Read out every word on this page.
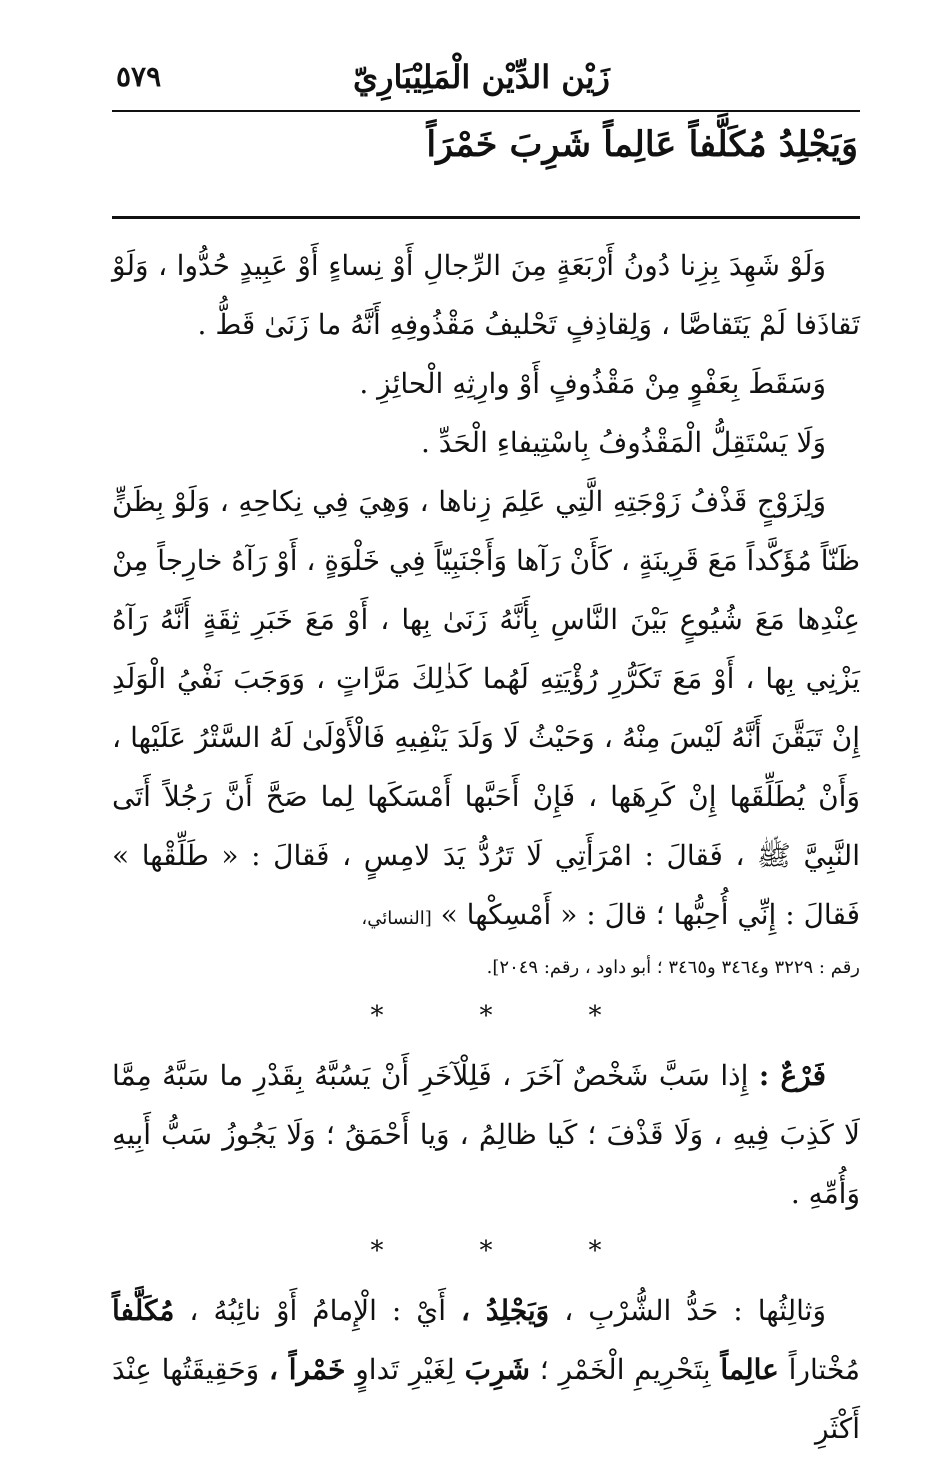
زَيْن الدِّيْن الْمَلِيْبَارِيّ
٥٧٩
وَيَجْلِدُ مُكَلَّفاً عَالِماً شَرِبَ خَمْرَاً

وَلَوْ شَهِدَ بِزِنا دُونُ أَرْبَعَةٍ مِنَ الرِّجالِ أَوْ نِساءٍ أَوْ عَبِيدٍ حُدُّوا ، وَلَوْ تَقاذَفا لَمْ يَتَقاصَّا ، وَلِقاذِفٍ تَحْليفُ مَقْذُوفِهِ أَنَّهُ ما زَنَىٰ قَطُّ .

وَسَقَطَ بِعَفْوٍ مِنْ مَقْذُوفٍ أَوْ وارِثِهِ الْحائِزِ .

وَلَا يَسْتَقِلُّ الْمَقْذُوفُ بِاسْتِيفاءِ الْحَدِّ .

وَلِزَوْجٍ قَذْفُ زَوْجَتِهِ الَّتِي عَلِمَ زِناها ، وَهِيَ فِي نِكاحِهِ ، وَلَوْ بِظَنٍّ ظَنّاً مُؤَكَّداً مَعَ قَرِينَةٍ ، كَأَنْ رَآها وَأَجْنَبِيّاً فِي خَلْوَةٍ ، أَوْ رَآهُ خارِجاً مِنْ عِنْدِها مَعَ شُيُوعٍ بَيْنَ النَّاسِ بِأَنَّهُ زَنَىٰ بِها ، أَوْ مَعَ خَبَرِ ثِقَةٍ أَنَّهُ رَآهُ يَزْنِي بِها ، أَوْ مَعَ تَكَرُّرِ رُؤْيَتِهِ لَهُما كَذٰلِكَ مَرَّاتٍ ، وَوَجَبَ نَفْيُ الْوَلَدِ إِنْ تَيَقَّنَ أَنَّهُ لَيْسَ مِنْهُ ، وَحَيْثُ لَا وَلَدَ يَنْفِيهِ فَالْأَوْلَىٰ لَهُ السَّتْرُ عَلَيْها ، وَأَنْ يُطَلِّقَها إِنْ كَرِهَها ، فَإِنْ أَحَبَّها أَمْسَكَها لِما صَحَّ أَنَّ رَجُلاً أَتَى النَّبِيَّ ﷺ ، فَقالَ : امْرَأَتِي لَا تَرُدُّ يَدَ لامِسٍ ، فَقالَ : « طَلِّقْها » فَقالَ : إِنِّي أُحِبُّها ؛ قالَ : « أَمْسِكْها » [النسائي،

رقم : ٣٢٢٩ و٣٤٦٤ و٣٤٦٥ ؛ أبو داود ، رقم: ٢٠٤٩].

*	*	*

فَرْعٌ : إِذا سَبَّ شَخْصٌ آخَرَ ، فَلِلْآخَرِ أَنْ يَسُبَّهُ بِقَدْرِ ما سَبَّهُ مِمَّا لَا كَذِبَ فِيهِ ، وَلَا قَذْفَ ؛ كَيا ظالِمُ ، وَيا أَحْمَقُ ؛ وَلَا يَجُوزُ سَبُّ أَبِيهِ وَأُمِّهِ .

*	*	*

وَثالِثُها : حَدُّ الشُّرْبِ ، وَيَجْلِدُ ، أَيْ : الْإِمامُ أَوْ نائِبُهُ ، مُكَلَّفاً مُخْتاراً عالِماً بِتَحْرِيمِ الْخَمْرِ ؛ شَرِبَ لِغَيْرِ تَداوٍ خَمْراً ، وَحَقِيقَتُها عِنْدَ أَكْثَرِ
